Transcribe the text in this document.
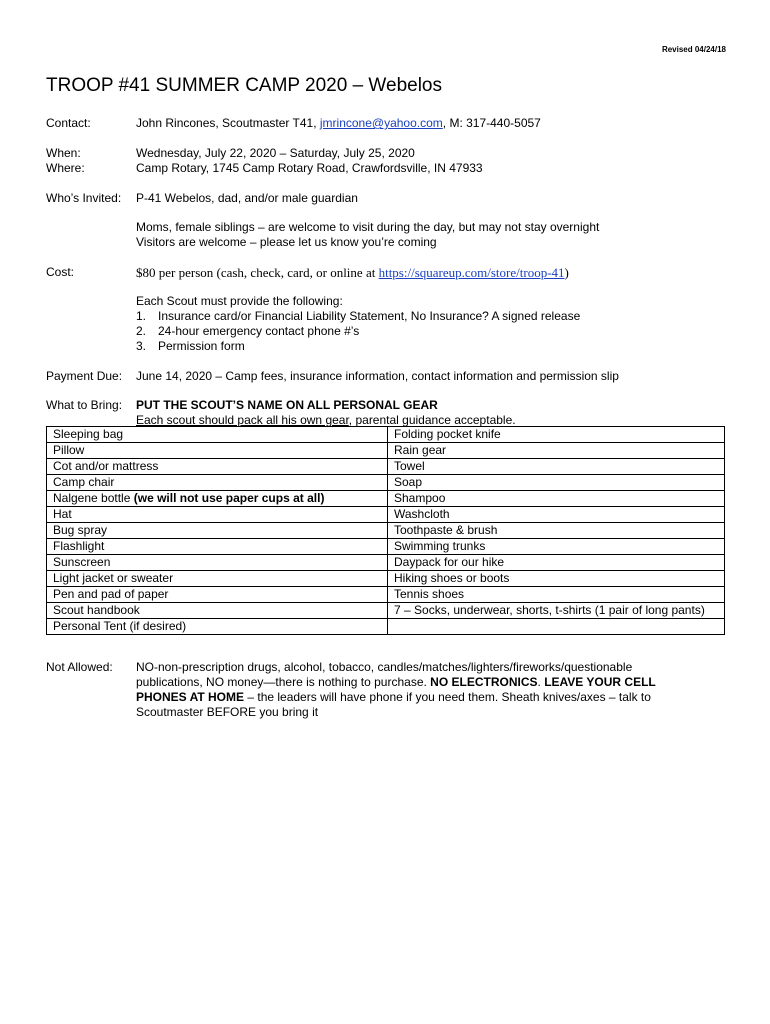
Revised 04/24/18
TROOP #41 SUMMER CAMP 2020 – Webelos
Contact:	John Rincones, Scoutmaster T41, jmrincone@yahoo.com, M: 317-440-5057
When:	Wednesday, July 22, 2020 – Saturday, July 25, 2020
Where:	Camp Rotary, 1745 Camp Rotary Road, Crawfordsville, IN 47933
Who’s Invited: P-41 Webelos, dad, and/or male guardian
Moms, female siblings – are welcome to visit during the day, but may not stay overnight
Visitors are welcome – please let us know you’re coming
Cost:	$80 per person (cash, check, card, or online at https://squareup.com/store/troop-41)
Each Scout must provide the following:
1. Insurance card/or Financial Liability Statement, No Insurance? A signed release
2. 24-hour emergency contact phone #’s
3. Permission form
Payment Due: June 14, 2020 – Camp fees, insurance information, contact information and permission slip
What to Bring: PUT THE SCOUT’S NAME ON ALL PERSONAL GEAR
Each scout should pack all his own gear, parental guidance acceptable.
Sleeping bag	Folding pocket knife
Pillow	Rain gear
Cot and/or mattress	Towel
Camp chair	Soap
Nalgene bottle (we will not use paper cups at all)	Shampoo
Hat	Washcloth
Bug spray	Toothpaste & brush
Flashlight	Swimming trunks
Sunscreen	Daypack for our hike
Light jacket or sweater	Hiking shoes or boots
Pen and pad of paper	Tennis shoes
Scout handbook	7 – Socks, underwear, shorts, t-shirts (1 pair of long pants)
Personal Tent (if desired)	
Not Allowed: NO-non-prescription drugs, alcohol, tobacco, candles/matches/lighters/fireworks/questionable
publications, NO money—there is nothing to purchase. NO ELECTRONICS. LEAVE YOUR CELL
PHONES AT HOME – the leaders will have phone if you need them. Sheath knives/axes – talk to
Scoutmaster BEFORE you bring it
